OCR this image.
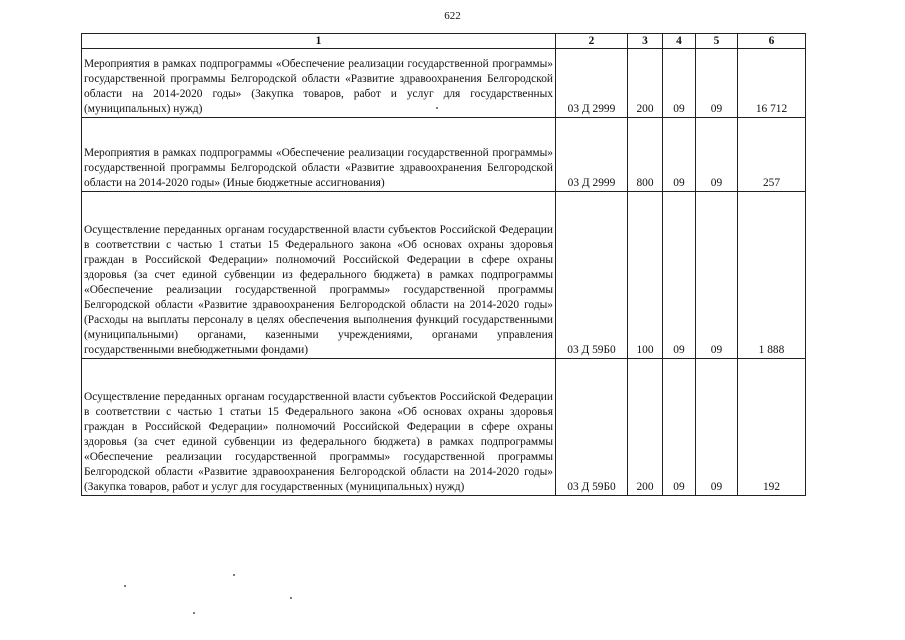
622
1	2	3	4	5	6
Мероприятия в рамках подпрограммы «Обеспечение реализации государственной программы» государственной программы Белгородской области «Развитие здравоохранения Белгородской области на 2014-2020 годы» (Закупка товаров, работ и услуг для государственных (муниципальных) нужд)	03 Д 2999	200	09	09	16 712
Мероприятия в рамках подпрограммы «Обеспечение реализации государственной программы» государственной программы Белгородской области «Развитие здравоохранения Белгородской области на 2014-2020 годы» (Иные бюджетные ассигнования)	03 Д 2999	800	09	09	257
Осуществление переданных органам государственной власти субъектов Российской Федерации в соответствии с частью 1 статьи 15 Федерального закона «Об основах охраны здоровья граждан в Российской Федерации» полномочий Российской Федерации в сфере охраны здоровья (за счет единой субвенции из федерального бюджета) в рамках подпрограммы «Обеспечение реализации государственной программы» государственной программы Белгородской области «Развитие здравоохранения Белгородской области на 2014-2020 годы» (Расходы на выплаты персоналу в целях обеспечения выполнения функций государственными (муниципальными) органами, казенными учреждениями, органами управления государственными внебюджетными фондами)	03 Д 59Б0	100	09	09	1 888
Осуществление переданных органам государственной власти субъектов Российской Федерации в соответствии с частью 1 статьи 15 Федерального закона «Об основах охраны здоровья граждан в Российской Федерации» полномочий Российской Федерации в сфере охраны здоровья (за счет единой субвенции из федерального бюджета) в рамках подпрограммы «Обеспечение реализации государственной программы» государственной программы Белгородской области «Развитие здравоохранения Белгородской области на 2014-2020 годы» (Закупка товаров, работ и услуг для государственных (муниципальных) нужд)	03 Д 59Б0	200	09	09	192
